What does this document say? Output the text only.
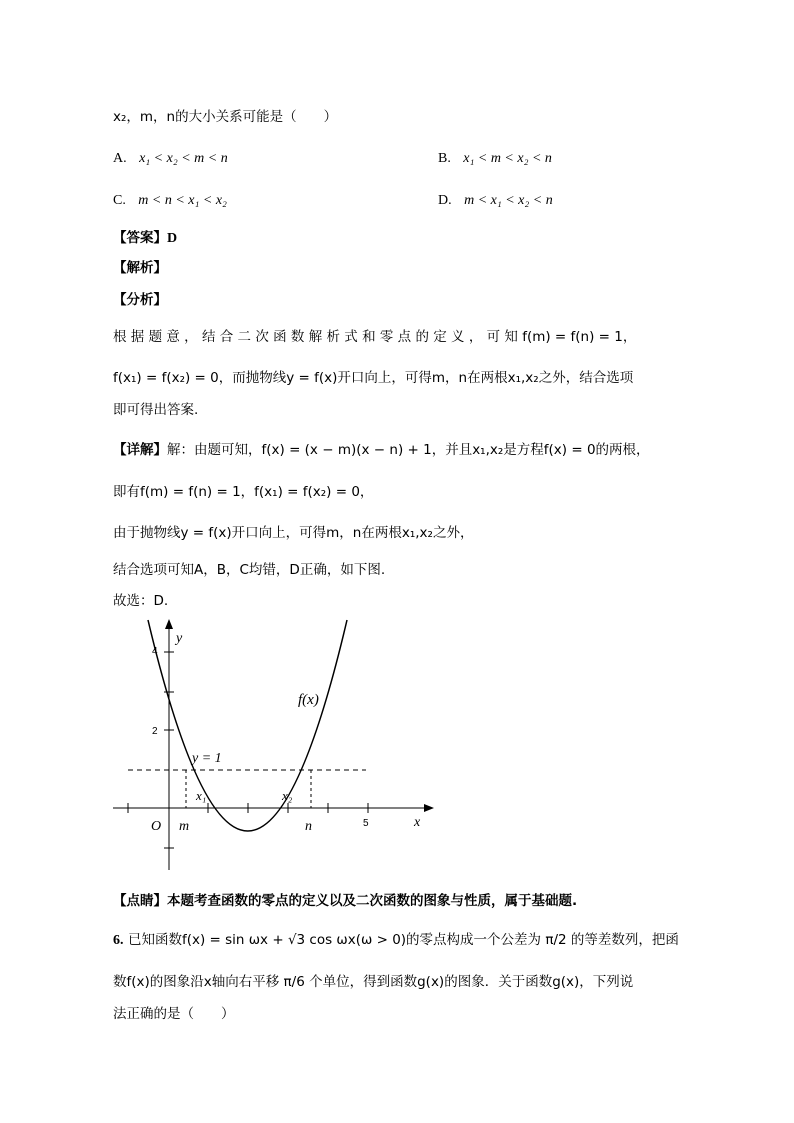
x₂，m，n的大小关系可能是（　　）
A. x₁ < x₂ < m < n	B. x₁ < m < x₂ < n
C. m < n < x₁ < x₂	D. m < x₁ < x₂ < n
【答案】D
【解析】
【分析】
根 据 题 意 ， 结 合 二 次 函 数 解 析 式 和 零 点 的 定 义 ， 可 知 f(m) = f(n) = 1，
f(x₁) = f(x₂) = 0，而抛物线y = f(x)开口向上，可得m，n在两根x₁,x₂之外，结合选项
即可得出答案.
【详解】解：由题可知，f(x) = (x − m)(x − n) + 1，并且x₁,x₂是方程f(x) = 0的两根，
即有f(m) = f(n) = 1，f(x₁) = f(x₂) = 0，
由于抛物线y = f(x)开口向上，可得m，n在两根x₁,x₂之外，
结合选项可知A，B，C均错，D正确，如下图.
故选：D.
y
x
O
4
2
5
f(x)
y = 1
x₁	x₂
m	n
【点睛】本题考查函数的零点的定义以及二次函数的图象与性质，属于基础题.
6. 已知函数f(x) = sin ωx + √3 cos ωx(ω > 0)的零点构成一个公差为 π/2 的等差数列，把函
数f(x)的图象沿x轴向右平移 π/6 个单位，得到函数g(x)的图象．关于函数g(x)，下列说
法正确的是（　　）
